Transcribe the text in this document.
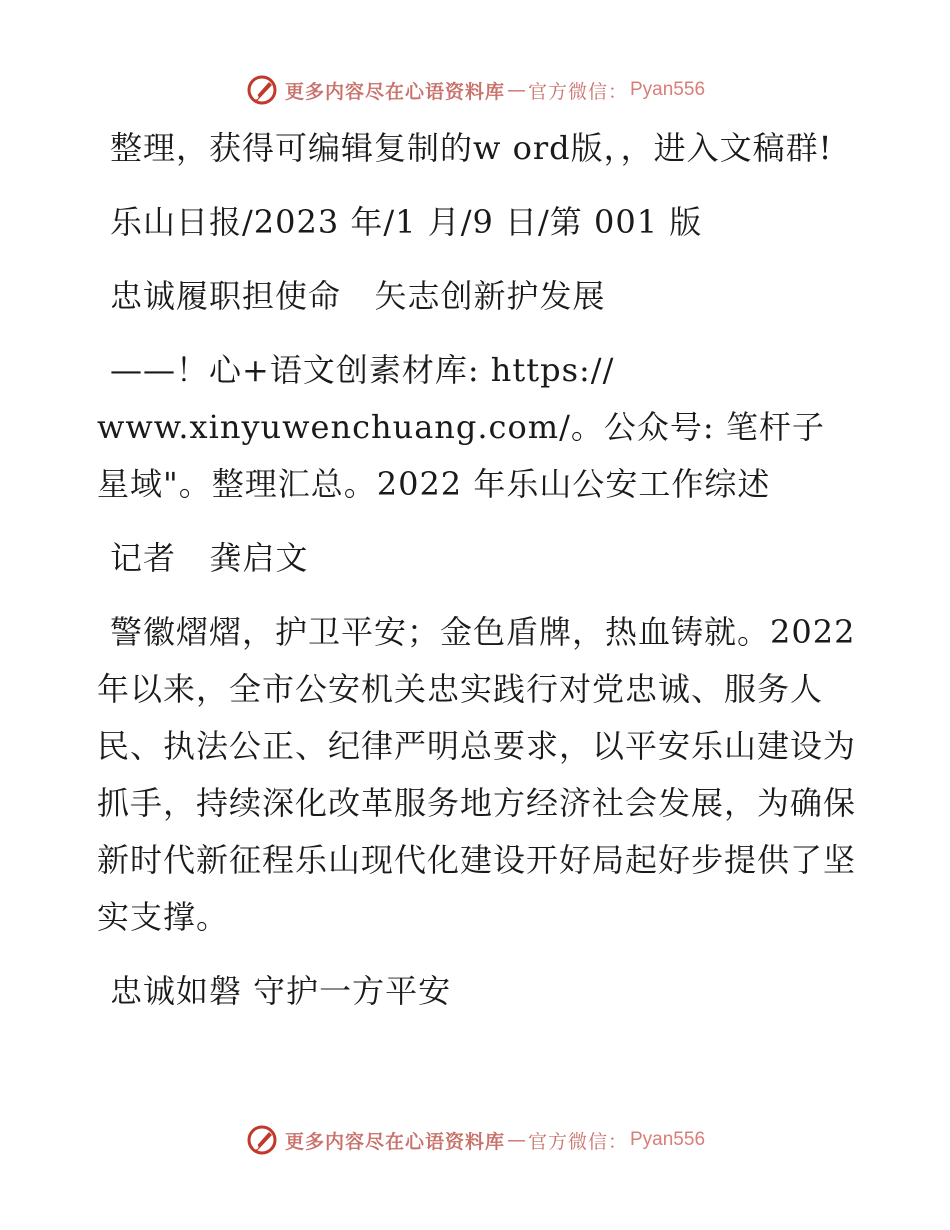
更多内容尽在心语资料库 — 官方微信： Pyan556

整理，获得可编辑复制的w ord版，，进入文稿群!

乐山日报/2023 年/1 月/9 日/第 001 版

忠诚履职担使命   矢志创新护发展

——！心+语文创素材库: https://
www.xinyuwenchuang.com/。公众号: 笔杆子星域"。整理汇总。2022 年乐山公安工作综述

记者   龚启文

警徽熠熠，护卫平安；金色盾牌，热血铸就。2022 年以来，全市公安机关忠实践行对党忠诚、服务人民、执法公正、纪律严明总要求，以平安乐山建设为抓手，持续深化改革服务地方经济社会发展，为确保新时代新征程乐山现代化建设开好局起好步提供了坚实支撑。

忠诚如磐 守护一方平安

更多内容尽在心语资料库 — 官方微信： Pyan556
